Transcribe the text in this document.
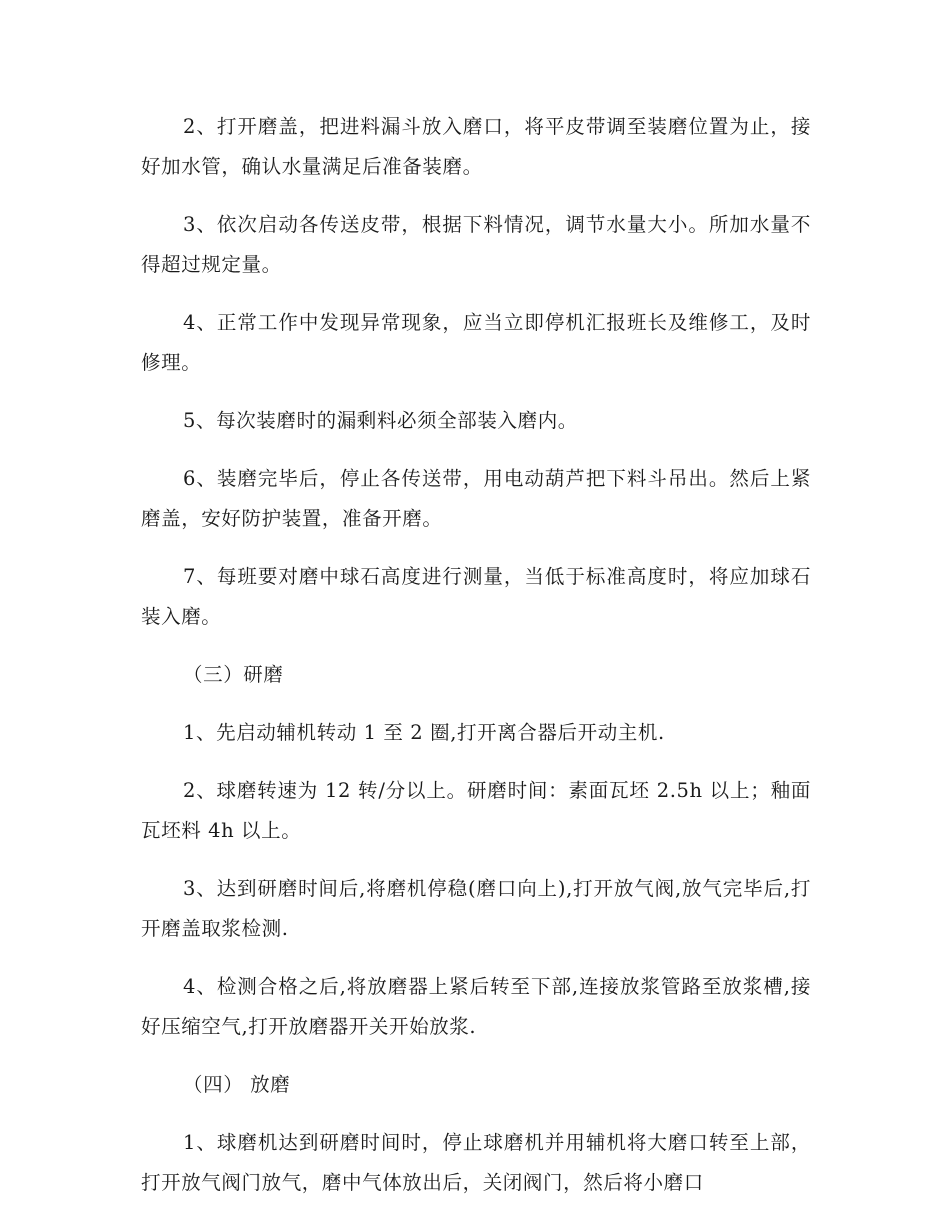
2、打开磨盖，把进料漏斗放入磨口，将平皮带调至装磨位置为止，接好加水管，确认水量满足后准备装磨。

3、依次启动各传送皮带，根据下料情况，调节水量大小。所加水量不得超过规定量。

4、正常工作中发现异常现象，应当立即停机汇报班长及维修工，及时修理。

5、每次装磨时的漏剩料必须全部装入磨内。

6、装磨完毕后，停止各传送带，用电动葫芦把下料斗吊出。然后上紧磨盖，安好防护装置，准备开磨。

7、每班要对磨中球石高度进行测量，当低于标准高度时，将应加球石装入磨。

（三）研磨

1、先启动辅机转动 1 至 2 圈,打开离合器后开动主机.

2、球磨转速为 12 转/分以上。研磨时间：素面瓦坯 2.5h 以上；釉面瓦坯料 4h 以上。

3、达到研磨时间后,将磨机停稳(磨口向上),打开放气阀,放气完毕后,打开磨盖取浆检测.

4、检测合格之后,将放磨器上紧后转至下部,连接放浆管路至放浆槽,接好压缩空气,打开放磨器开关开始放浆.

（四） 放磨

1、球磨机达到研磨时间时，停止球磨机并用辅机将大磨口转至上部，打开放气阀门放气，磨中气体放出后，关闭阀门，然后将小磨口
